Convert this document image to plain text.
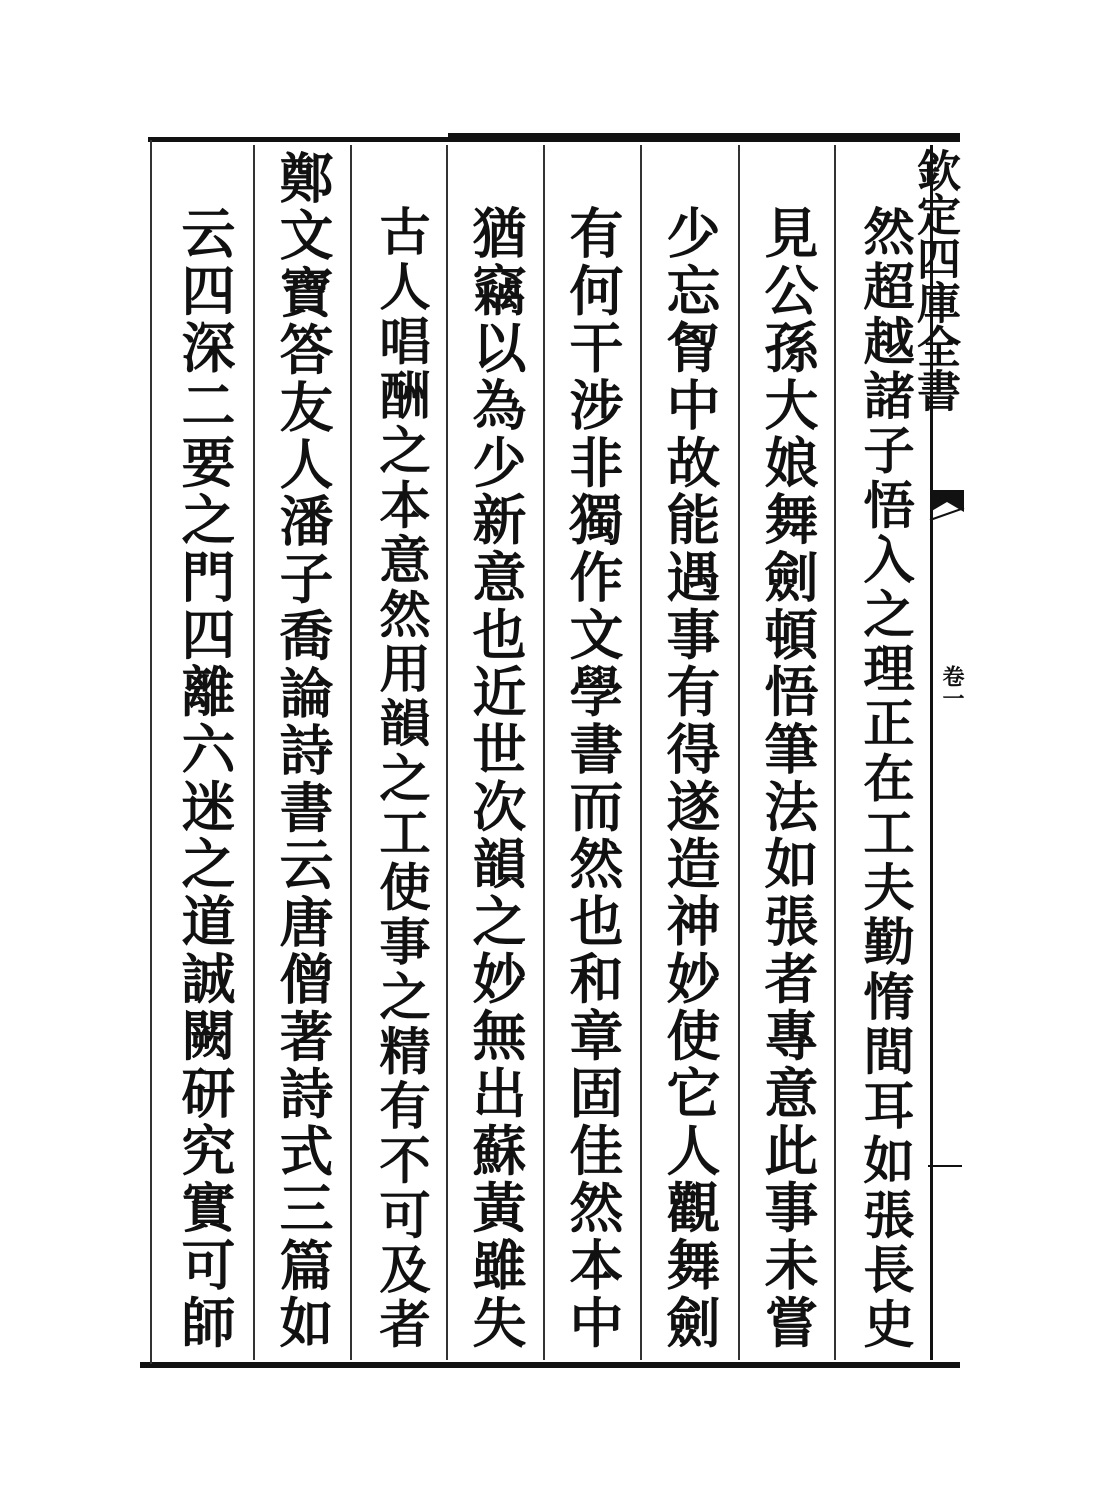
欽定四庫全書
卷一
然超越諸子悟入之理正在工夫勤惰間耳如張長史
見公孫大娘舞劍頓悟筆法如張者專意此事未嘗
少忘胷中故能遇事有得遂造神妙使它人觀舞劍
有何干涉非獨作文學書而然也和章固佳然本中
猶竊以為少新意也近世次韻之妙無出蘇黃雖失
古人唱酬之本意然用韻之工使事之精有不可及者
鄭文寶答友人潘子喬論詩書云唐僧著詩式三篇如
云四深二要之門四離六迷之道誠闕研究實可師
